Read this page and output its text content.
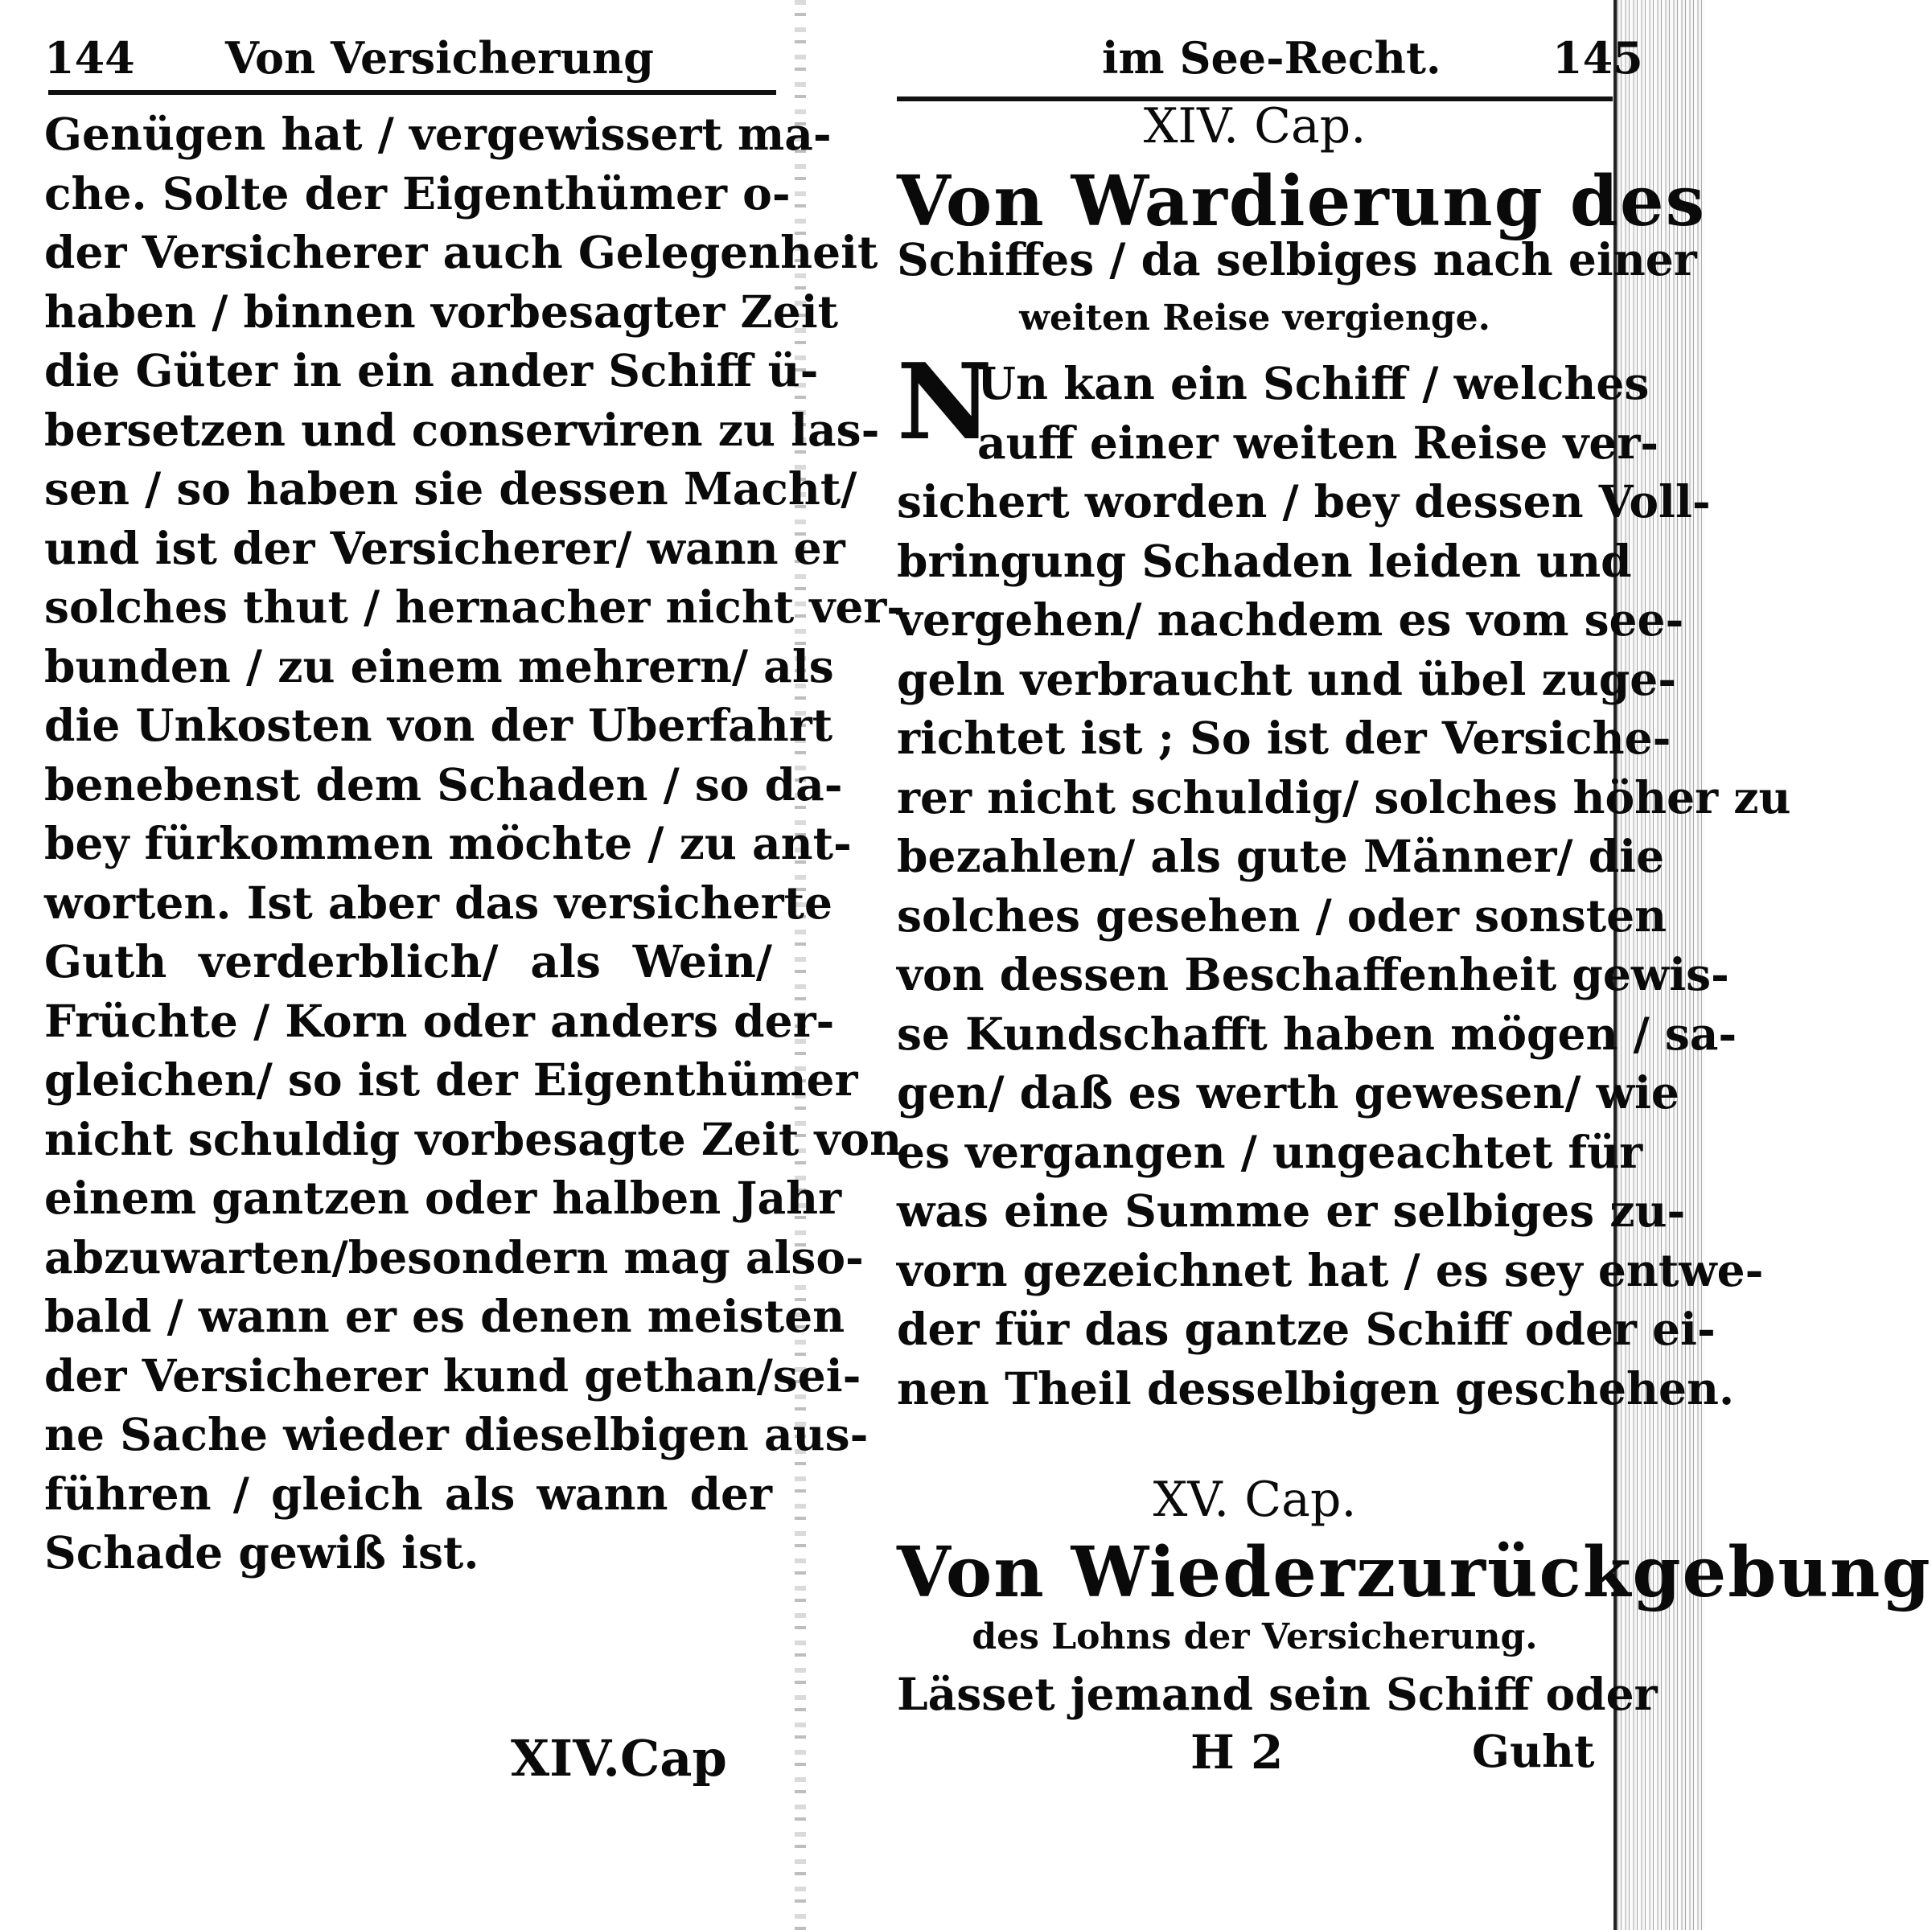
144 Von Versicherung
Genügen hat / vergewissert ma-
che. Solte der Eigenthümer o-
der Versicherer auch Gelegenheit
haben / binnen vorbesagter Zeit
die Güter in ein ander Schiff ü-
bersetzen und conserviren zu las-
sen / so haben sie dessen Macht/
und ist der Versicherer/ wann er
solches thut / hernacher nicht ver-
bunden / zu einem mehrern/ als
die Unkosten von der Uberfahrt
benebenst dem Schaden / so da-
bey fürkommen möchte / zu ant-
worten. Ist aber das versicherte
Guth verderblich/ als Wein/
Früchte / Korn oder anders der-
gleichen/ so ist der Eigenthümer
nicht schuldig vorbesagte Zeit von
einem gantzen oder halben Jahr
abzuwarten/besondern mag also-
bald / wann er es denen meisten
der Versicherer kund gethan/sei-
ne Sache wieder dieselbigen aus-
führen / gleich als wann der
Schade gewiß ist.
XIV.Cap
im See-Recht.	145
XIV. Cap.
Von Wardierung des
Schiffes / da selbiges nach einer
weiten Reise vergienge.
N
Un kan ein Schiff / welches
auff einer weiten Reise ver-
sichert worden / bey dessen Voll-
bringung Schaden leiden und
vergehen/ nachdem es vom see-
geln verbraucht und übel zuge-
richtet ist ; So ist der Versiche-
rer nicht schuldig/ solches höher zu
bezahlen/ als gute Männer/ die
solches gesehen / oder sonsten
von dessen Beschaffenheit gewis-
se Kundschafft haben mögen / sa-
gen/ daß es werth gewesen/ wie
es vergangen / ungeachtet für
was eine Summe er selbiges zu-
vorn gezeichnet hat / es sey entwe-
der für das gantze Schiff oder ei-
nen Theil desselbigen geschehen.
XV. Cap.
Von Wiederzurückgebung
des Lohns der Versicherung.
Lässet jemand sein Schiff oder
H 2	Guht
